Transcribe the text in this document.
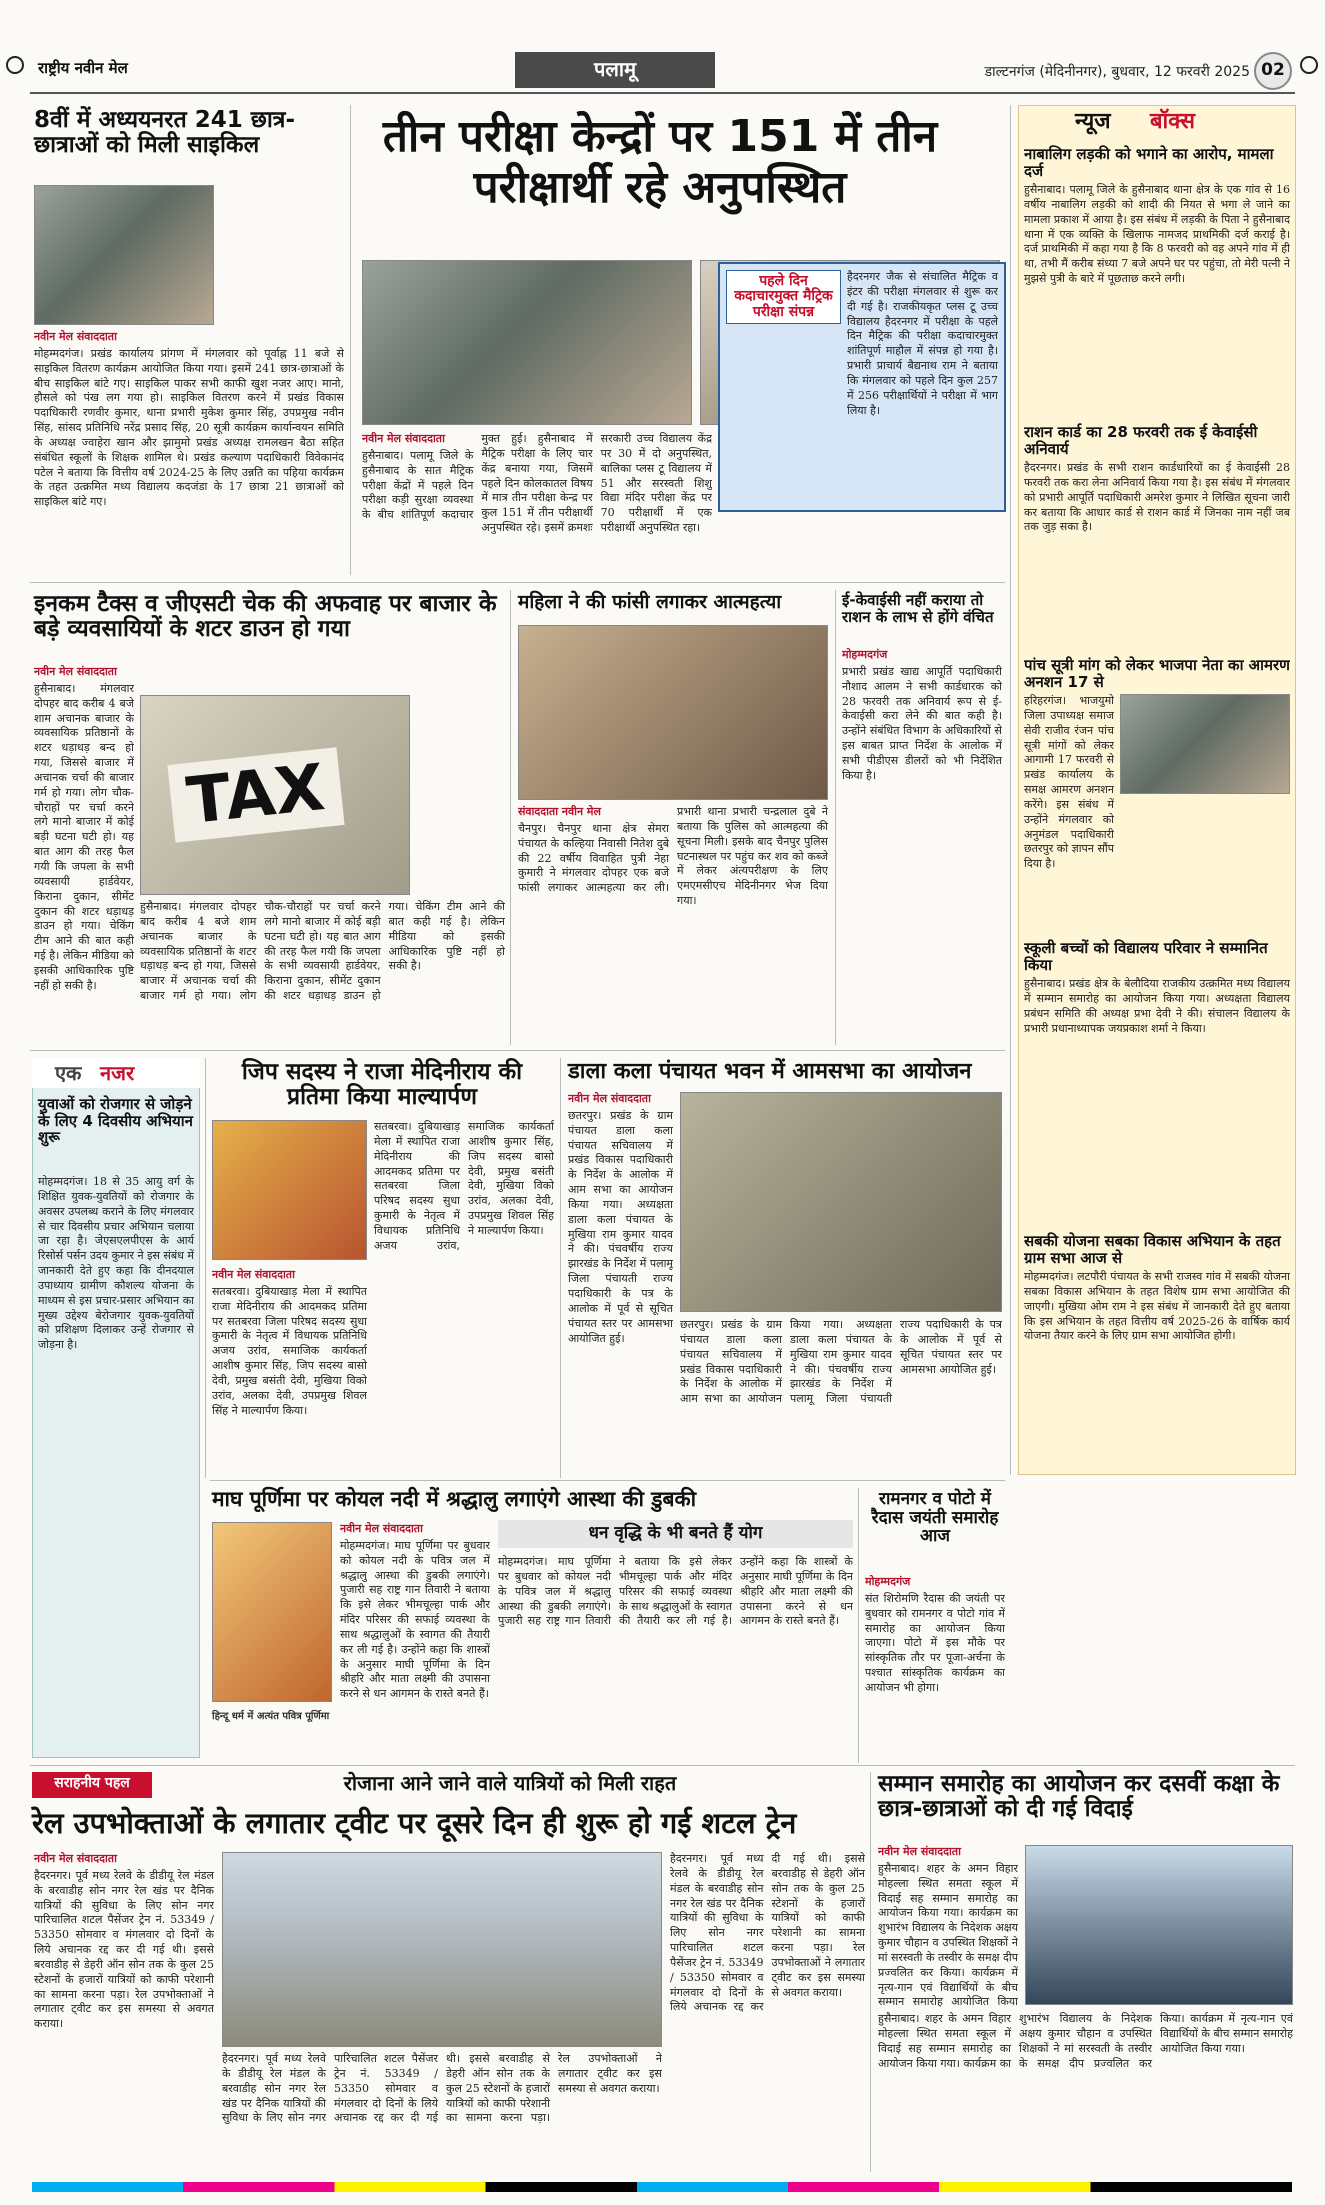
राष्ट्रीय नवीन मेल	पलामू	डाल्टनगंज (मेदिनीनगर), बुधवार, 12 फरवरी 2025 02
8वीं में अध्ययनरत 241 छात्र-छात्राओं को मिली साइकिल
नवीन मेल संवाददाता
मोहम्मदगंज। प्रखंड कार्यालय प्रांगण में मंगलवार को पूर्वाह्न 11 बजे से साइकिल वितरण कार्यक्रम आयोजित किया गया। इसमें 241 छात्र-छात्राओं के बीच साइकिल बांटे गए। साइकिल पाकर सभी काफी खुश नजर आए। मानो, हौसले को पंख लग गया हो। साइकिल वितरण करने में प्रखंड विकास पदाधिकारी रणवीर कुमार, थाना प्रभारी मुकेश कुमार सिंह, उपप्रमुख नवीन सिंह, सांसद प्रतिनिधि नरेंद्र प्रसाद सिंह, 20 सूत्री कार्यक्रम कार्यान्वयन समिति के अध्यक्ष ज्वाहेरा खान और झामुमो प्रखंड अध्यक्ष रामलखन बैठा सहित संबंधित स्कूलों के शिक्षक शामिल थे। प्रखंड कल्याण पदाधिकारी विवेकानंद पटेल ने बताया कि वित्तीय वर्ष 2024-25 के लिए उन्नति का पहिया कार्यक्रम के तहत उत्क्रमित मध्य विद्यालय कदजंडा के 17 छात्रा 21 छात्राओं को साइकिल बांटे गए।
तीन परीक्षा केन्द्रों पर 151 में तीन परीक्षार्थी रहे अनुपस्थित
पहले दिन कदाचारमुक्त मैट्रिक परीक्षा संपन्न
हैदरनगर जैक से संचालित मैट्रिक व इंटर की परीक्षा मंगलवार से शुरू कर दी गई है। राजकीयकृत प्लस टू उच्च विद्यालय हैदरनगर में परीक्षा के पहले दिन मैट्रिक की परीक्षा कदाचारमुक्त शांतिपूर्ण माहौल में संपन्न हो गया है। प्रभारी प्राचार्य बैद्यनाथ राम ने बताया कि मंगलवार को पहले दिन कुल 257 में 256 परीक्षार्थियों ने परीक्षा में भाग लिया है।
नवीन मेल संवाददाता
हुसैनाबाद। पलामू जिले के हुसैनाबाद के सात मैट्रिक परीक्षा केंद्रों में पहले दिन परीक्षा कड़ी सुरक्षा व्यवस्था के बीच शांतिपूर्ण कदाचार मुक्त हुई। हुसैनाबाद में मैट्रिक परीक्षा के लिए चार केंद्र बनाया गया, जिसमें पहले दिन कोलकातल विषय में मात्र तीन परीक्षा केन्द्र पर कुल 151 में तीन परीक्षार्थी अनुपस्थित रहे। इसमें क्रमशः सरकारी उच्च विद्यालय केंद्र पर 30 में दो अनुपस्थित, बालिका प्लस टू विद्यालय में 51 और सरस्वती शिशु विद्या मंदिर परीक्षा केंद्र पर 70 परीक्षार्थी में एक परीक्षार्थी अनुपस्थित रहा।
न्यूज बॉक्स
नाबालिग लड़की को भगाने का आरोप, मामला दर्ज
हुसैनाबाद। पलामू जिले के हुसैनाबाद थाना क्षेत्र के एक गांव से 16 वर्षीय नाबालिग लड़की को शादी की नियत से भगा ले जाने का मामला प्रकाश में आया है। इस संबंध में लड़की के पिता ने हुसैनाबाद थाना में एक व्यक्ति के खिलाफ नामजद प्राथमिकी दर्ज कराई है। दर्ज प्राथमिकी में कहा गया है कि 8 फरवरी को वह अपने गांव में ही था, तभी मैं करीब संध्या 7 बजे अपने घर पर पहुंचा, तो मेरी पत्नी ने मुझसे पुत्री के बारे में पूछताछ करने लगी।
राशन कार्ड का 28 फरवरी तक ई केवाईसी अनिवार्य
हैदरनगर। प्रखंड के सभी राशन कार्डधारियों का ई केवाईसी 28 फरवरी तक करा लेना अनिवार्य किया गया है। इस संबंध में मंगलवार को प्रभारी आपूर्ति पदाधिकारी अमरेश कुमार ने लिखित सूचना जारी कर बताया कि आधार कार्ड से राशन कार्ड में जिनका नाम नहीं जब तक जुड़ सका है।
पांच सूत्री मांग को लेकर भाजपा नेता का आमरण अनशन 17 से
हरिहरगंज। भाजयुमो जिला उपाध्यक्ष समाज सेवी राजीव रंजन पांच सूत्री मांगों को लेकर आगामी 17 फरवरी से प्रखंड कार्यालय के समक्ष आमरण अनशन करेंगे। इस संबंध में उन्होंने मंगलवार को अनुमंडल पदाधिकारी छतरपुर को ज्ञापन सौंप दिया है।
स्कूली बच्चों को विद्यालय परिवार ने सम्मानित किया
हुसैनाबाद। प्रखंड क्षेत्र के बेलौदिया राजकीय उत्क्रमित मध्य विद्यालय में सम्मान समारोह का आयोजन किया गया। अध्यक्षता विद्यालय प्रबंधन समिति की अध्यक्ष प्रभा देवी ने की। संचालन विद्यालय के प्रभारी प्रधानाध्यापक जयप्रकाश शर्मा ने किया।
सबकी योजना सबका विकास अभियान के तहत ग्राम सभा आज से
मोहम्मदगंज। लटपौरी पंचायत के सभी राजस्व गांव में सबकी योजना सबका विकास अभियान के तहत विशेष ग्राम सभा आयोजित की जाएगी। मुखिया ओम राम ने इस संबंध में जानकारी देते हुए बताया कि इस अभियान के तहत वित्तीय वर्ष 2025-26 के वार्षिक कार्य योजना तैयार करने के लिए ग्राम सभा आयोजित होगी।
इनकम टैक्स व जीएसटी चेक की अफवाह पर बाजार के बड़े व्यवसायियों के शटर डाउन हो गया
TAX
नवीन मेल संवाददाता
हुसैनाबाद। मंगलवार दोपहर बाद करीब 4 बजे शाम अचानक बाजार के व्यवसायिक प्रतिष्ठानों के शटर धड़ाधड़ बन्द हो गया, जिससे बाजार में अचानक चर्चा की बाजार गर्म हो गया। लोग चौक-चौराहों पर चर्चा करने लगे मानो बाजार में कोई बड़ी घटना घटी हो। यह बात आग की तरह फैल गयी कि जपला के सभी व्यवसायी हार्डवेयर, किराना दुकान, सीमेंट दुकान की शटर धड़ाधड़ डाउन हो गया। चेकिंग टीम आने की बात कही गई है। लेकिन मीडिया को इसकी आधिकारिक पुष्टि नहीं हो सकी है।
हुसैनाबाद। मंगलवार दोपहर बाद करीब 4 बजे शाम अचानक बाजार के व्यवसायिक प्रतिष्ठानों के शटर धड़ाधड़ बन्द हो गया, जिससे बाजार में अचानक चर्चा की बाजार गर्म हो गया। लोग चौक-चौराहों पर चर्चा करने लगे मानो बाजार में कोई बड़ी घटना घटी हो। यह बात आग की तरह फैल गयी कि जपला के सभी व्यवसायी हार्डवेयर, किराना दुकान, सीमेंट दुकान की शटर धड़ाधड़ डाउन हो गया। चेकिंग टीम आने की बात कही गई है। लेकिन मीडिया को इसकी आधिकारिक पुष्टि नहीं हो सकी है।
महिला ने की फांसी लगाकर आत्महत्या
संवाददाता नवीन मेल
चैनपुर। चैनपुर थाना क्षेत्र सेमरा पंचायत के कल्हिया निवासी नितेश दुबे की 22 वर्षीय विवाहित पुत्री नेहा कुमारी ने मंगलवार दोपहर एक बजे फांसी लगाकर आत्महत्या कर ली। प्रभारी थाना प्रभारी चन्द्रलाल दुबे ने बताया कि पुलिस को आत्महत्या की सूचना मिली। इसके बाद चैनपुर पुलिस घटनास्थल पर पहुंच कर शव को कब्जे में लेकर अंत्यपरीक्षण के लिए एमएमसीएच मेदिनीनगर भेज दिया गया।
ई-केवाईसी नहीं कराया तो राशन के लाभ से होंगे वंचित
मोहम्मदगंज
प्रभारी प्रखंड खाद्य आपूर्ति पदाधिकारी नौशाद आलम ने सभी कार्डधारक को 28 फरवरी तक अनिवार्य रूप से ई-केवाईसी करा लेने की बात कही है। उन्होंने संबंधित विभाग के अधिकारियों से इस बाबत प्राप्त निर्देश के आलोक में सभी पीडीएस डीलरों को भी निर्देशित किया है।
एक नजर
युवाओं को रोजगार से जोड़ने के लिए 4 दिवसीय अभियान शुरू
मोहम्मदगंज। 18 से 35 आयु वर्ग के शिक्षित युवक-युवतियों को रोजगार के अवसर उपलब्ध कराने के लिए मंगलवार से चार दिवसीय प्रचार अभियान चलाया जा रहा है। जेएसएलपीएस के आर्य रिसोर्स पर्सन उदय कुमार ने इस संबंध में जानकारी देते हुए कहा कि दीनदयाल उपाध्याय ग्रामीण कौशल्य योजना के माध्यम से इस प्रचार-प्रसार अभियान का मुख्य उद्देश्य बेरोजगार युवक-युवतियों को प्रशिक्षण दिलाकर उन्हें रोजगार से जोड़ना है।
जिप सदस्य ने राजा मेदिनीराय की प्रतिमा किया माल्यार्पण
नवीन मेल संवाददाता
सतबरवा। दुबियाखाड़ मेला में स्थापित राजा मेदिनीराय की आदमकद प्रतिमा पर सतबरवा जिला परिषद सदस्य सुधा कुमारी के नेतृत्व में विधायक प्रतिनिधि अजय उरांव, समाजिक कार्यकर्ता आशीष कुमार सिंह, जिप सदस्य बासो देवी, प्रमुख बसंती देवी, मुखिया विको उरांव, अलका देवी, उपप्रमुख शिवल सिंह ने माल्यार्पण किया।
सतबरवा। दुबियाखाड़ मेला में स्थापित राजा मेदिनीराय की आदमकद प्रतिमा पर सतबरवा जिला परिषद सदस्य सुधा कुमारी के नेतृत्व में विधायक प्रतिनिधि अजय उरांव, समाजिक कार्यकर्ता आशीष कुमार सिंह, जिप सदस्य बासो देवी, प्रमुख बसंती देवी, मुखिया विको उरांव, अलका देवी, उपप्रमुख शिवल सिंह ने माल्यार्पण किया।
डाला कला पंचायत भवन में आमसभा का आयोजन
नवीन मेल संवाददाता
छतरपुर। प्रखंड के ग्राम पंचायत डाला कला पंचायत सचिवालय में प्रखंड विकास पदाधिकारी के निर्देश के आलोक में आम सभा का आयोजन किया गया। अध्यक्षता डाला कला पंचायत के मुखिया राम कुमार यादव ने की। पंचवर्षीय राज्य झारखंड के निर्देश में पलामू जिला पंचायती राज्य पदाधिकारी के पत्र के आलोक में पूर्व से सूचित पंचायत स्तर पर आमसभा आयोजित हुई।
छतरपुर। प्रखंड के ग्राम पंचायत डाला कला पंचायत सचिवालय में प्रखंड विकास पदाधिकारी के निर्देश के आलोक में आम सभा का आयोजन किया गया। अध्यक्षता डाला कला पंचायत के मुखिया राम कुमार यादव ने की। पंचवर्षीय राज्य झारखंड के निर्देश में पलामू जिला पंचायती राज्य पदाधिकारी के पत्र के आलोक में पूर्व से सूचित पंचायत स्तर पर आमसभा आयोजित हुई।
माघ पूर्णिमा पर कोयल नदी में श्रद्धालु लगाएंगे आस्था की डुबकी
नवीन मेल संवाददाता
मोहम्मदगंज। माघ पूर्णिमा पर बुधवार को कोयल नदी के पवित्र जल में श्रद्धालु आस्था की डुबकी लगाएंगे। पुजारी सह राष्ट्र गान तिवारी ने बताया कि इसे लेकर भीमचूल्हा पार्क और मंदिर परिसर की सफाई व्यवस्था के साथ श्रद्धालुओं के स्वागत की तैयारी कर ली गई है। उन्होंने कहा कि शास्त्रों के अनुसार माघी पूर्णिमा के दिन श्रीहरि और माता लक्ष्मी की उपासना करने से धन आगमन के रास्ते बनते हैं।
धन वृद्धि के भी बनते हैं योग
मोहम्मदगंज। माघ पूर्णिमा पर बुधवार को कोयल नदी के पवित्र जल में श्रद्धालु आस्था की डुबकी लगाएंगे। पुजारी सह राष्ट्र गान तिवारी ने बताया कि इसे लेकर भीमचूल्हा पार्क और मंदिर परिसर की सफाई व्यवस्था के साथ श्रद्धालुओं के स्वागत की तैयारी कर ली गई है। उन्होंने कहा कि शास्त्रों के अनुसार माघी पूर्णिमा के दिन श्रीहरि और माता लक्ष्मी की उपासना करने से धन आगमन के रास्ते बनते हैं।
हिन्दू धर्म में अत्यंत पवित्र पूर्णिमा
रामनगर व पोटो में रैदास जयंती समारोह आज
मोहम्मदगंज
संत शिरोमणि रैदास की जयंती पर बुधवार को रामनगर व पोटो गांव में समारोह का आयोजन किया जाएगा। पोटो में इस मौके पर सांस्कृतिक तौर पर पूजा-अर्चना के पश्चात सांस्कृतिक कार्यक्रम का आयोजन भी होगा।
सराहनीय पहल	रोजाना आने जाने वाले यात्रियों को मिली राहत
रेल उपभोक्ताओं के लगातार ट्वीट पर दूसरे दिन ही शुरू हो गई शटल ट्रेन
नवीन मेल संवाददाता
हैदरनगर। पूर्व मध्य रेलवे के डीडीयू रेल मंडल के बरवाडीह सोन नगर रेल खंड पर दैनिक यात्रियों की सुविधा के लिए सोन नगर पारिचालित शटल पैसेंजर ट्रेन नं. 53349 / 53350 सोमवार व मंगलवार दो दिनों के लिये अचानक रद्द कर दी गई थी। इससे बरवाडीह से डेहरी ऑन सोन तक के कुल 25 स्टेशनों के हजारों यात्रियों को काफी परेशानी का सामना करना पड़ा। रेल उपभोक्ताओं ने लगातार ट्वीट कर इस समस्या से अवगत कराया।
हैदरनगर। पूर्व मध्य रेलवे के डीडीयू रेल मंडल के बरवाडीह सोन नगर रेल खंड पर दैनिक यात्रियों की सुविधा के लिए सोन नगर पारिचालित शटल पैसेंजर ट्रेन नं. 53349 / 53350 सोमवार व मंगलवार दो दिनों के लिये अचानक रद्द कर दी गई थी। इससे बरवाडीह से डेहरी ऑन सोन तक के कुल 25 स्टेशनों के हजारों यात्रियों को काफी परेशानी का सामना करना पड़ा। रेल उपभोक्ताओं ने लगातार ट्वीट कर इस समस्या से अवगत कराया।
हैदरनगर। पूर्व मध्य रेलवे के डीडीयू रेल मंडल के बरवाडीह सोन नगर रेल खंड पर दैनिक यात्रियों की सुविधा के लिए सोन नगर पारिचालित शटल पैसेंजर ट्रेन नं. 53349 / 53350 सोमवार व मंगलवार दो दिनों के लिये अचानक रद्द कर दी गई थी। इससे बरवाडीह से डेहरी ऑन सोन तक के कुल 25 स्टेशनों के हजारों यात्रियों को काफी परेशानी का सामना करना पड़ा। रेल उपभोक्ताओं ने लगातार ट्वीट कर इस समस्या से अवगत कराया।
सम्मान समारोह का आयोजन कर दसवीं कक्षा के छात्र-छात्राओं को दी गई विदाई
नवीन मेल संवाददाता
हुसैनाबाद। शहर के अमन विहार मोहल्ला स्थित समता स्कूल में विदाई सह सम्मान समारोह का आयोजन किया गया। कार्यक्रम का शुभारंभ विद्यालय के निदेशक अक्षय कुमार चौहान व उपस्थित शिक्षकों ने मां सरस्वती के तस्वीर के समक्ष दीप प्रज्वलित कर किया। कार्यक्रम में नृत्य-गान एवं विद्यार्थियों के बीच सम्मान समारोह आयोजित किया
हुसैनाबाद। शहर के अमन विहार मोहल्ला स्थित समता स्कूल में विदाई सह सम्मान समारोह का आयोजन किया गया। कार्यक्रम का शुभारंभ विद्यालय के निदेशक अक्षय कुमार चौहान व उपस्थित शिक्षकों ने मां सरस्वती के तस्वीर के समक्ष दीप प्रज्वलित कर किया। कार्यक्रम में नृत्य-गान एवं विद्यार्थियों के बीच सम्मान समारोह आयोजित किया गया।
